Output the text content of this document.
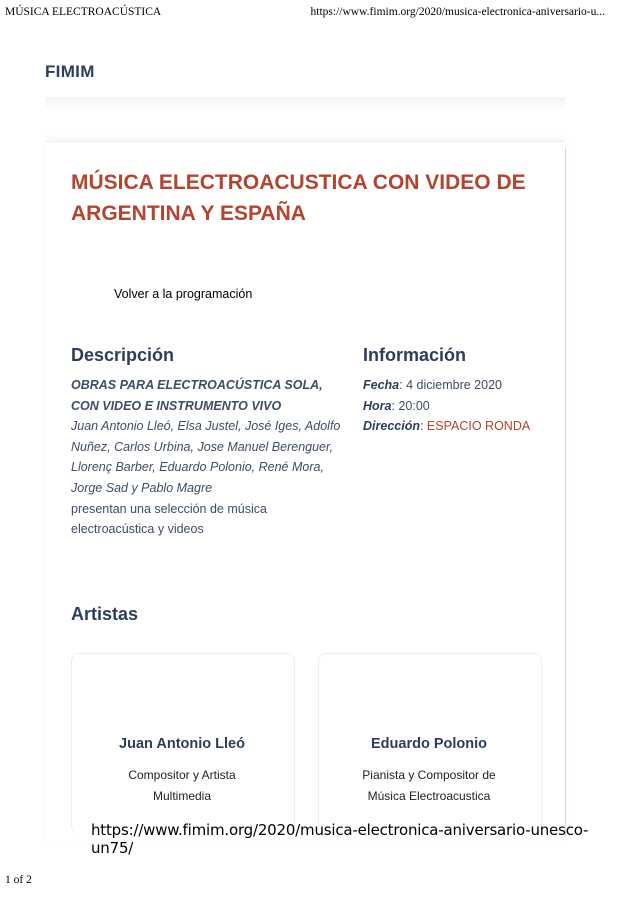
MÚSICA ELECTROACÚSTICA	https://www.fimim.org/2020/musica-electronica-aniversario-u...
FIMIM
MÚSICA ELECTROACUSTICA CON VIDEO DE ARGENTINA Y ESPAÑA
Volver a la programación
Descripción
OBRAS PARA ELECTROACÚSTICA SOLA, CON VIDEO E INSTRUMENTO VIVO
Juan Antonio Lleó, Elsa Justel, José Iges, Adolfo Nuñez, Carlos Urbina, Jose Manuel Berenguer, Llorenç Barber, Eduardo Polonio, René Mora, Jorge Sad y Pablo Magre
presentan una selección de música electroacústica y videos
Información
Fecha: 4 diciembre 2020
Hora: 20:00
Dirección: ESPACIO RONDA
Artistas
Juan Antonio Lleó
Compositor y Artista
Multimedia
Eduardo Polonio
Pianista y Compositor de
Música Electroacustica
https://www.fimim.org/2020/musica-electronica-aniversario-unesco-un75/
1 of 2
